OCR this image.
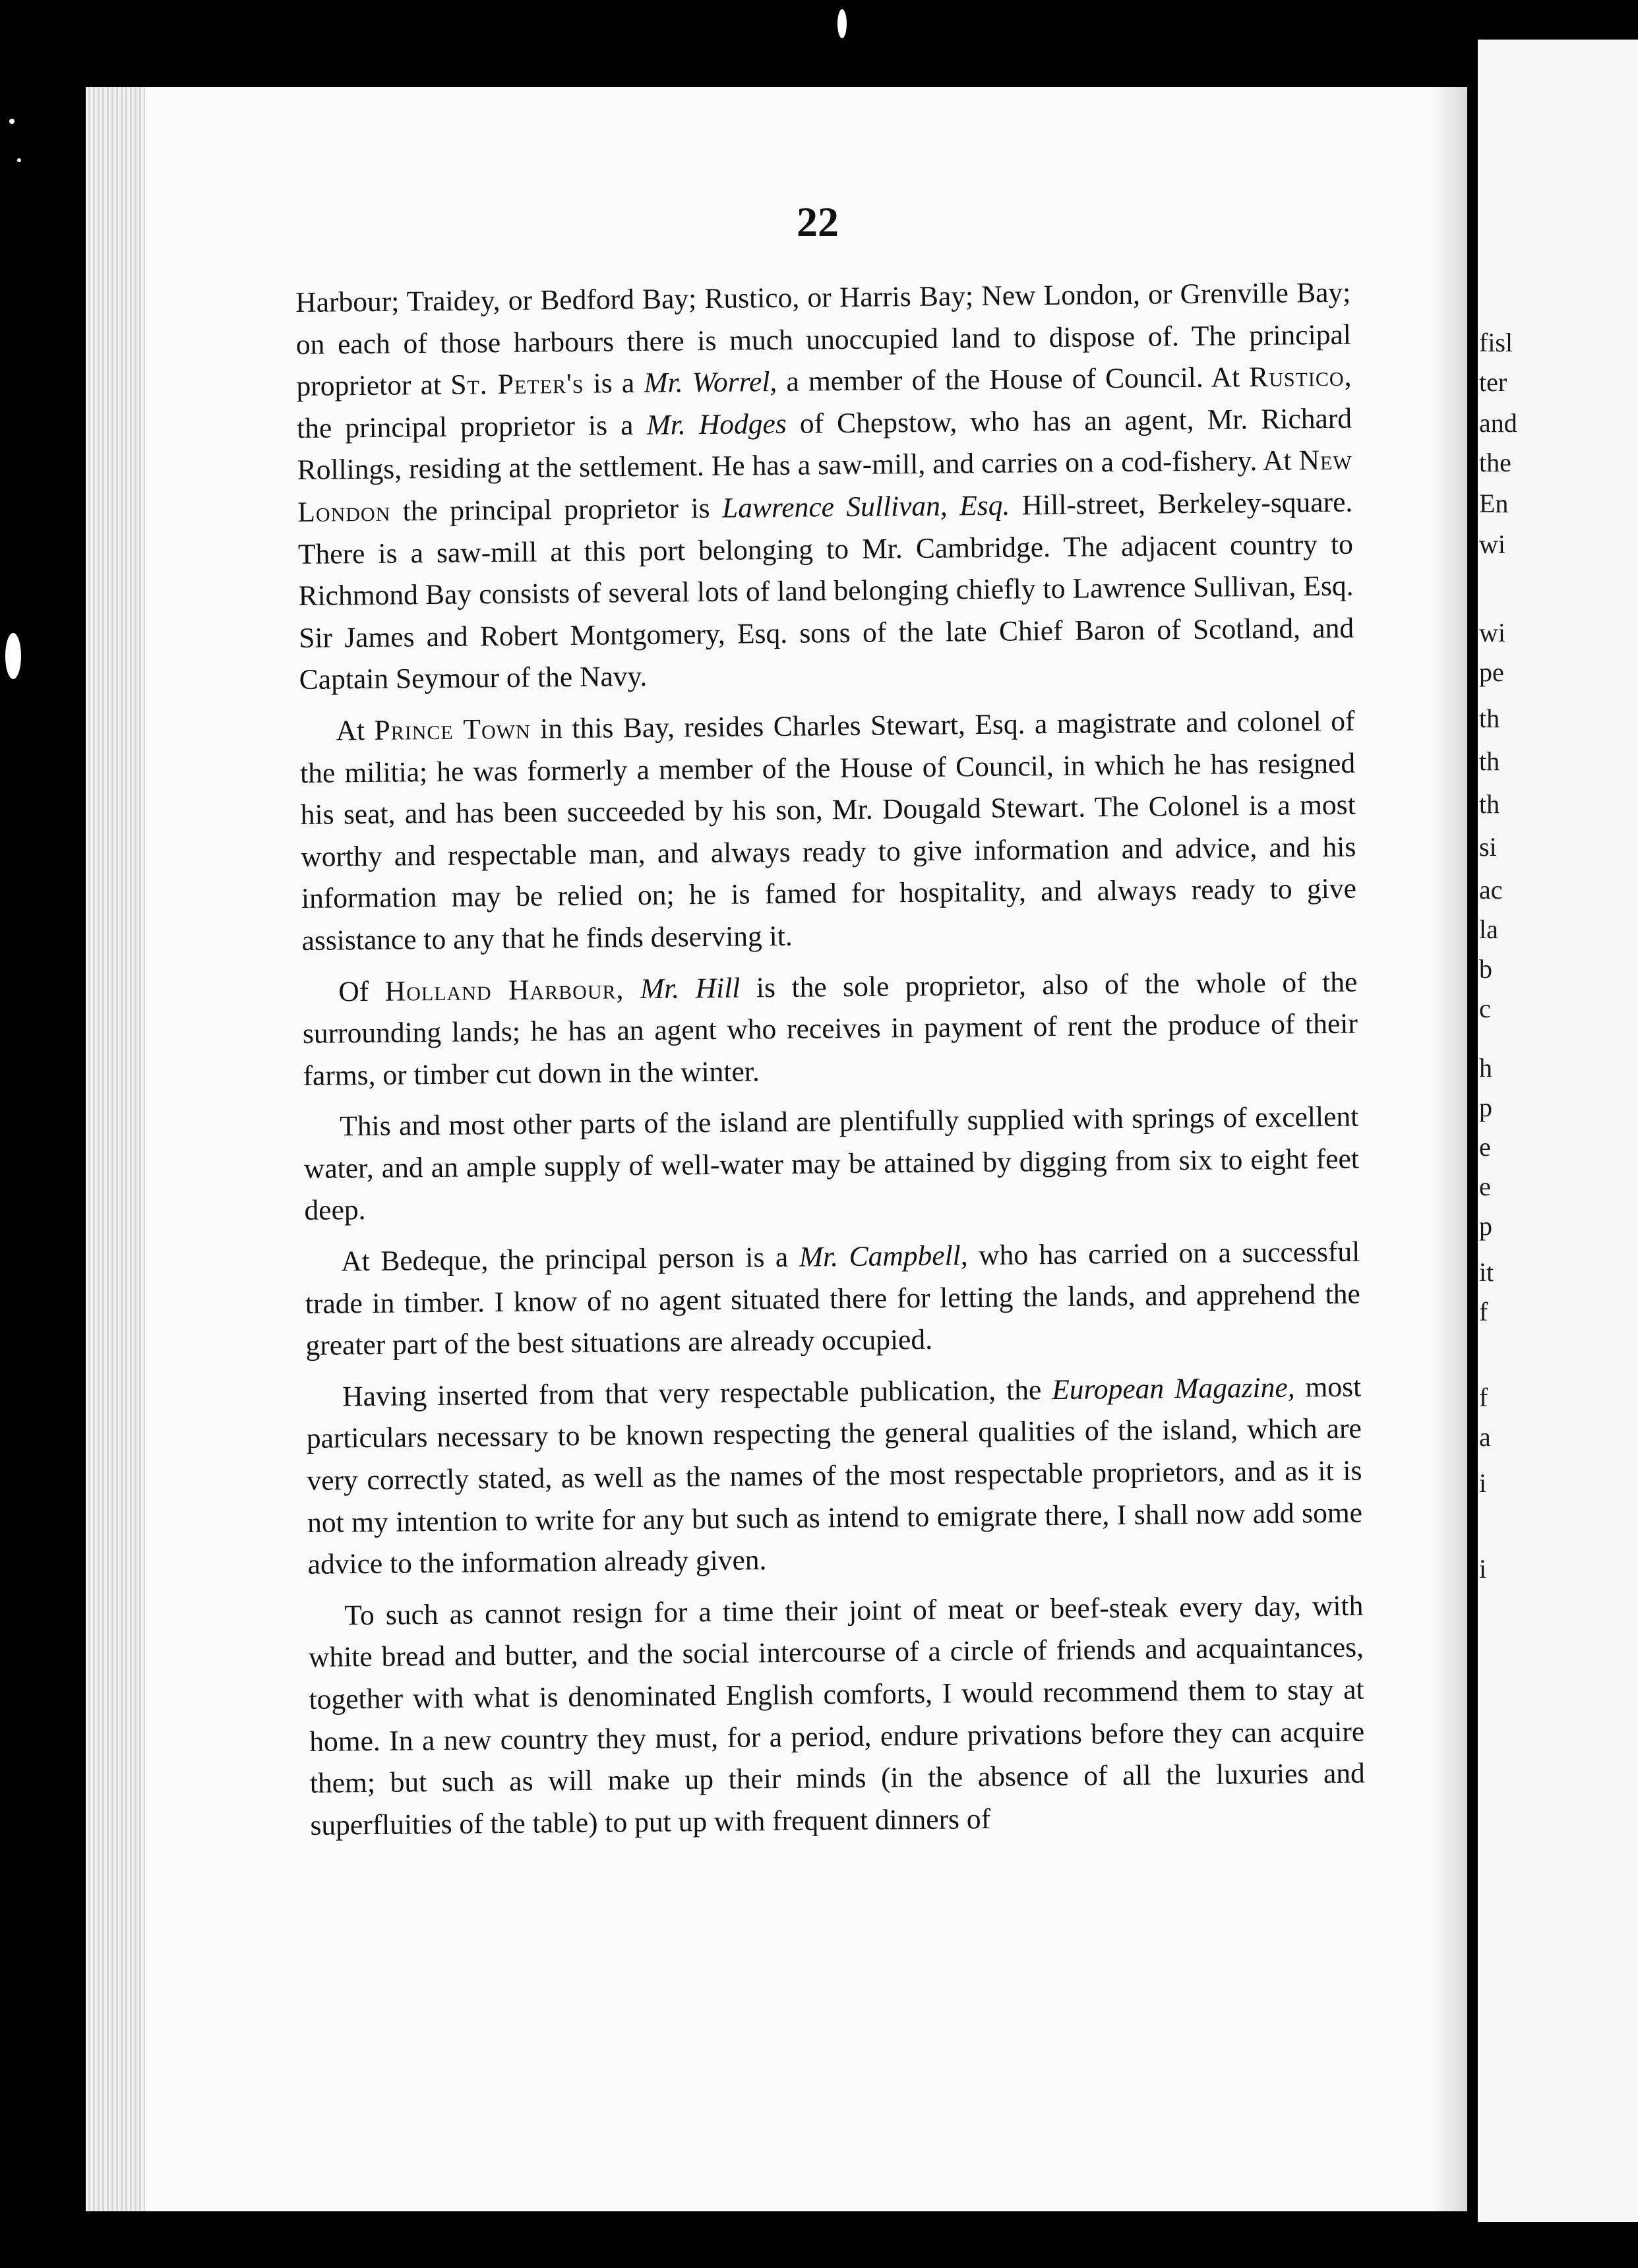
fisl
ter
and
the
En
wi
wi
pe
th
th
th
si
ac
la
b
c
h
p
e
e
p
it
f
f
a
i
i
22

Harbour; Traidey, or Bedford Bay; Rustico, or Harris Bay; New London, or Grenville Bay; on each of those harbours there is much unoccupied land to dispose of. The principal proprietor at St. Peter's is a Mr. Worrel, a member of the House of Council. At Rustico, the principal proprietor is a Mr. Hodges of Chepstow, who has an agent, Mr. Richard Rollings, residing at the settlement. He has a saw-mill, and carries on a cod-fishery. At New London the principal proprietor is Lawrence Sullivan, Esq. Hill-street, Berkeley-square. There is a saw-mill at this port belonging to Mr. Cambridge. The adjacent country to Richmond Bay consists of several lots of land belonging chiefly to Lawrence Sullivan, Esq. Sir James and Robert Montgomery, Esq. sons of the late Chief Baron of Scotland, and Captain Seymour of the Navy.

At Prince Town in this Bay, resides Charles Stewart, Esq. a magistrate and colonel of the militia; he was formerly a member of the House of Council, in which he has resigned his seat, and has been succeeded by his son, Mr. Dougald Stewart. The Colonel is a most worthy and respectable man, and always ready to give information and advice, and his information may be relied on; he is famed for hospitality, and always ready to give assistance to any that he finds deserving it.

Of Holland Harbour, Mr. Hill is the sole proprietor, also of the whole of the surrounding lands; he has an agent who receives in payment of rent the produce of their farms, or timber cut down in the winter.

This and most other parts of the island are plentifully supplied with springs of excellent water, and an ample supply of well-water may be attained by digging from six to eight feet deep.

At Bedeque, the principal person is a Mr. Campbell, who has carried on a successful trade in timber. I know of no agent situated there for letting the lands, and apprehend the greater part of the best situations are already occupied.

Having inserted from that very respectable publication, the European Magazine, most particulars necessary to be known respecting the general qualities of the island, which are very correctly stated, as well as the names of the most respectable proprietors, and as it is not my intention to write for any but such as intend to emigrate there, I shall now add some advice to the information already given.

To such as cannot resign for a time their joint of meat or beef-steak every day, with white bread and butter, and the social intercourse of a circle of friends and acquaintances, together with what is denominated English comforts, I would recommend them to stay at home. In a new country they must, for a period, endure privations before they can acquire them; but such as will make up their minds (in the absence of all the luxuries and superfluities of the table) to put up with frequent dinners of
